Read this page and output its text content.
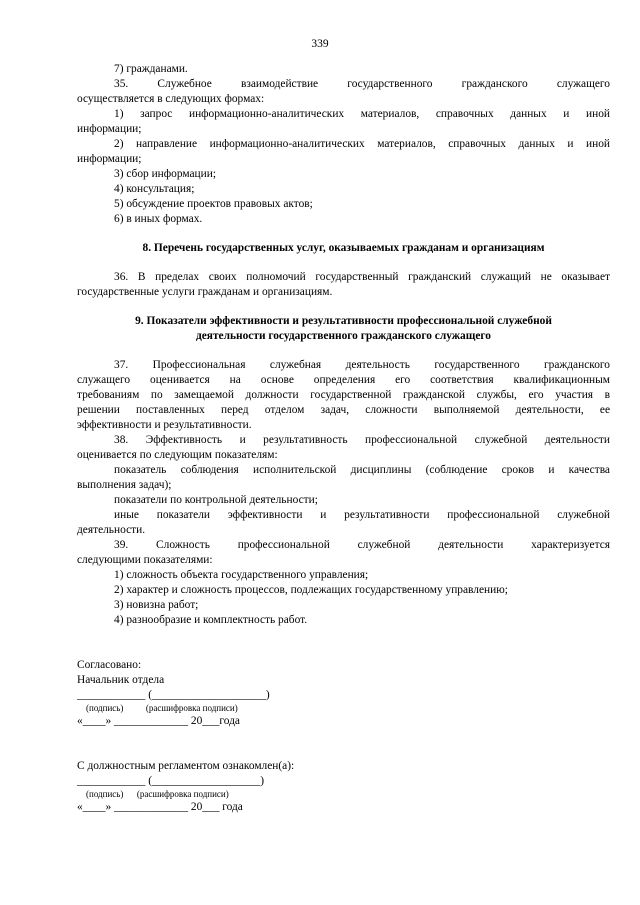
339

7) гражданами.

35. Служебное взаимодействие государственного гражданского служащего

осуществляется в следующих формах:

1) запрос информационно-аналитических материалов, справочных данных и иной

информации;

2) направление информационно-аналитических материалов, справочных данных и иной

информации;

3) сбор информации;

4) консультация;

5) обсуждение проектов правовых актов;

6) в иных формах.

8. Перечень государственных услуг, оказываемых гражданам и организациям

36. В пределах своих полномочий государственный гражданский служащий не оказывает

государственные услуги гражданам и организациям.

9. Показатели эффективности и результативности профессиональной служебной
деятельности государственного гражданского служащего

37. Профессиональная служебная деятельность государственного гражданского

служащего оценивается на основе определения его соответствия квалификационным

требованиям по замещаемой должности государственной гражданской службы, его участия в

решении поставленных перед отделом задач, сложности выполняемой деятельности, ее

эффективности и результативности.

38. Эффективность и результативность профессиональной служебной деятельности

оценивается по следующим показателям:

показатель соблюдения исполнительской дисциплины (соблюдение сроков и качества

выполнения задач);

показатели по контрольной деятельности;

иные показатели эффективности и результативности профессиональной служебной

деятельности.

39. Сложность профессиональной служебной деятельности характеризуется

следующими показателями:

1) сложность объекта государственного управления;

2) характер и сложность процессов, подлежащих государственному управлению;

3) новизна работ;

4) разнообразие и комплектность работ.

Согласовано:

Начальник отдела

____________ (____________________)

(подпись)          (расшифровка подписи)

«____» _____________ 20___года

С должностным регламентом ознакомлен(а):

____________ (___________________)

(подпись)      (расшифровка подписи)

«____» _____________ 20___ года
